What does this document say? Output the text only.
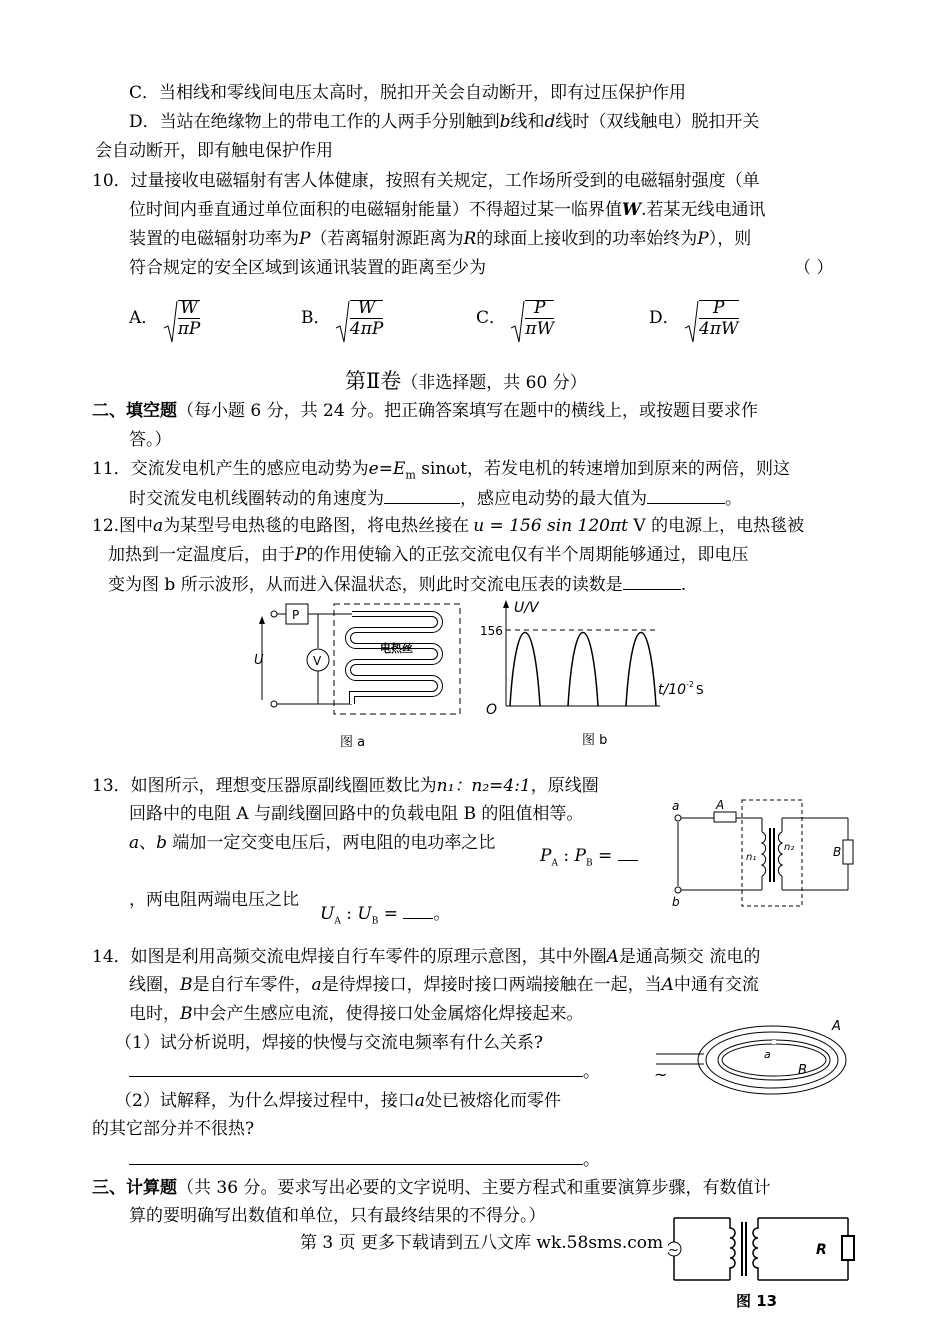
C．当相线和零线间电压太高时，脱扣开关会自动断开，即有过压保护作用
D．当站在绝缘物上的带电工作的人两手分别触到b线和d线时（双线触电）脱扣开关
会自动断开，即有触电保护作用
10．过量接收电磁辐射有害人体健康，按照有关规定，工作场所受到的电磁辐射强度（单
位时间内垂直通过单位面积的电磁辐射能量）不得超过某一临界值W.若某无线电通讯
装置的电磁辐射功率为P（若离辐射源距离为R的球面上接收到的功率始终为P），则
符合规定的安全区域到该通讯装置的距离至少为	（ ）
A． $\frac{W}{\pi P}$	B． $\frac{W}{4\pi P}$	C． $\frac{P}{\pi W}$	D． $\frac{P}{4\pi W}$
第Ⅱ卷（非选择题，共 60 分）
二、填空题（每小题 6 分，共 24 分。把正确答案填写在题中的横线上，或按题目要求作
答。）
11．交流发电机产生的感应电动势为$e=E_m$ sinωt，若发电机的转速增加到原来的两倍，则这
时交流发电机线圈转动的角速度为	，感应电动势的最大值为	。
12.图中a为某型号电热毯的电路图，将电热丝接在 u = 156 sin 120πt V 的电源上，电热毯被
加热到一定温度后，由于P的作用使输入的正弦交流电仅有半个周期能够通过，即电压
变为图 b 所示波形，从而进入保温状态，则此时交流电压表的读数是	.
P
V
U
电热丝
图 a
U/V
156
t/10 -2 S
O
图 b
13．如图所示，理想变压器原副线圈匝数比为n₁：n₂=4:1，原线圈
回路中的电阻 A 与副线圈回路中的负载电阻 B 的阻值相等。
a、b 端加一定交变电压后，两电阻的电功率之比
$P_A$ : $P_B$ =
，两电阻两端电压之比
$U_A$ : $U_B$ = 。
a
b
A
n₁
n₂	B
14．如图是利用高频交流电焊接自行车零件的原理示意图，其中外圈A是通高频交 流电的
线圈，B是自行车零件，a是待焊接口，焊接时接口两端接触在一起，当A中通有交流
电时，B中会产生感应电流，使得接口处金属熔化焊接起来。
（1）试分析说明，焊接的快慢与交流电频率有什么关系?
。
（2）试解释，为什么焊接过程中，接口a处已被熔化而零件
的其它部分并不很热?
。
~
A
a
B
三、计算题（共 36 分。要求写出必要的文字说明、主要方程式和重要演算步骤，有数值计
算的要明确写出数值和单位，只有最终结果的不得分。）
第 3 页 更多下载请到五八文库 wk.58sms.com ~	R
图 13
